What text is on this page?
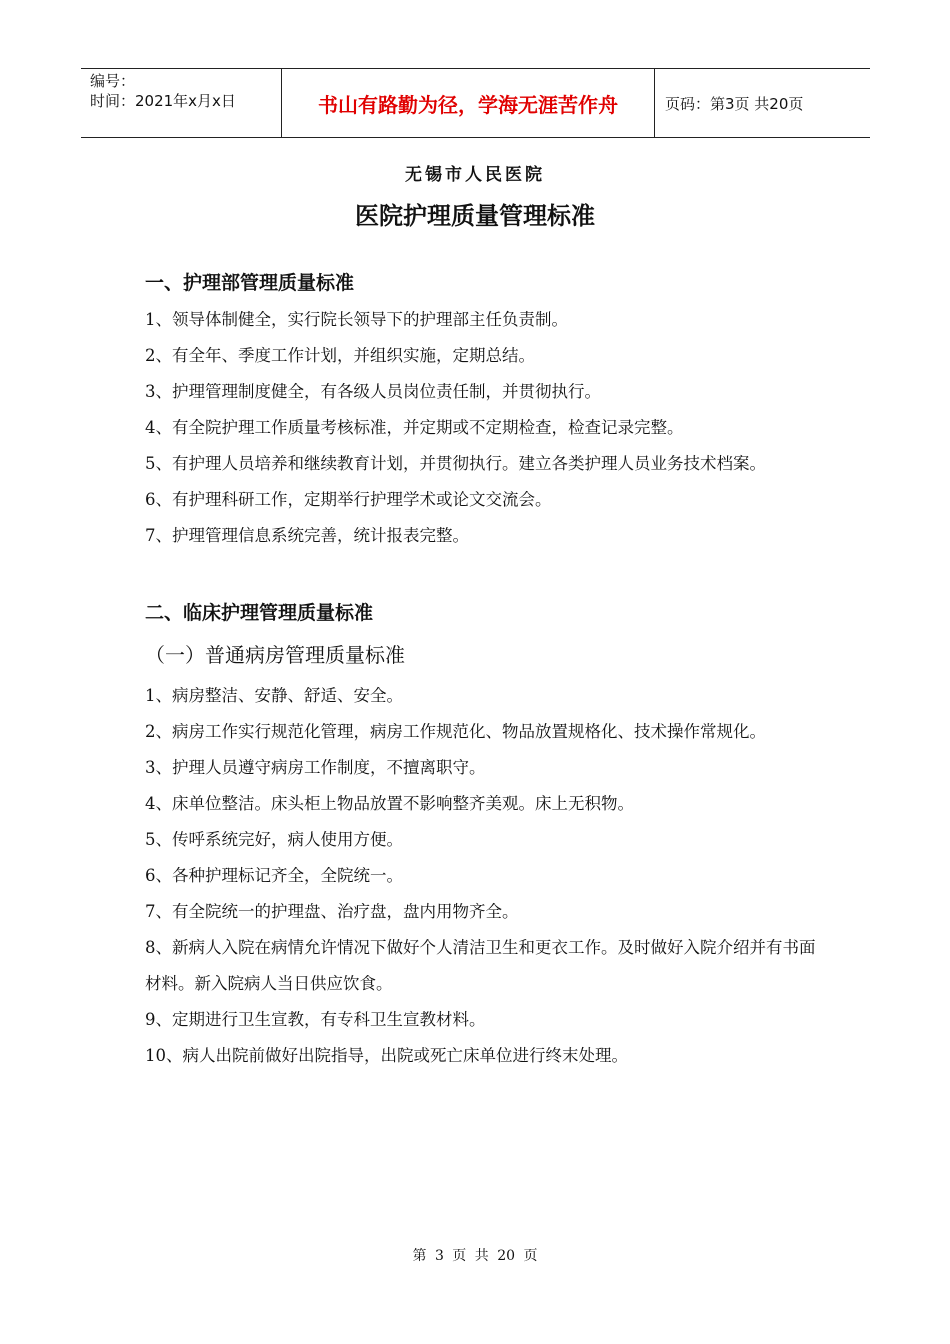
编号：
时间：2021年x月x日	书山有路勤为径，学海无涯苦作舟	页码：第3页 共20页
无锡市人民医院
医院护理质量管理标准

一、护理部管理质量标准

1、领导体制健全，实行院长领导下的护理部主任负责制。

2、有全年、季度工作计划，并组织实施，定期总结。

3、护理管理制度健全，有各级人员岗位责任制，并贯彻执行。

4、有全院护理工作质量考核标准，并定期或不定期检查，检查记录完整。

5、有护理人员培养和继续教育计划，并贯彻执行。建立各类护理人员业务技术档案。

6、有护理科研工作，定期举行护理学术或论文交流会。

7、护理管理信息系统完善，统计报表完整。

二、临床护理管理质量标准

（一）普通病房管理质量标准

1、病房整洁、安静、舒适、安全。

2、病房工作实行规范化管理，病房工作规范化、物品放置规格化、技术操作常规化。

3、护理人员遵守病房工作制度，不擅离职守。

4、床单位整洁。床头柜上物品放置不影响整齐美观。床上无积物。

5、传呼系统完好，病人使用方便。

6、各种护理标记齐全，全院统一。

7、有全院统一的护理盘、治疗盘，盘内用物齐全。

8、新病人入院在病情允许情况下做好个人清洁卫生和更衣工作。及时做好入院介绍并有书面材料。新入院病人当日供应饮食。

9、定期进行卫生宣教，有专科卫生宣教材料。

10、病人出院前做好出院指导，出院或死亡床单位进行终末处理。

第 3 页 共 20 页
